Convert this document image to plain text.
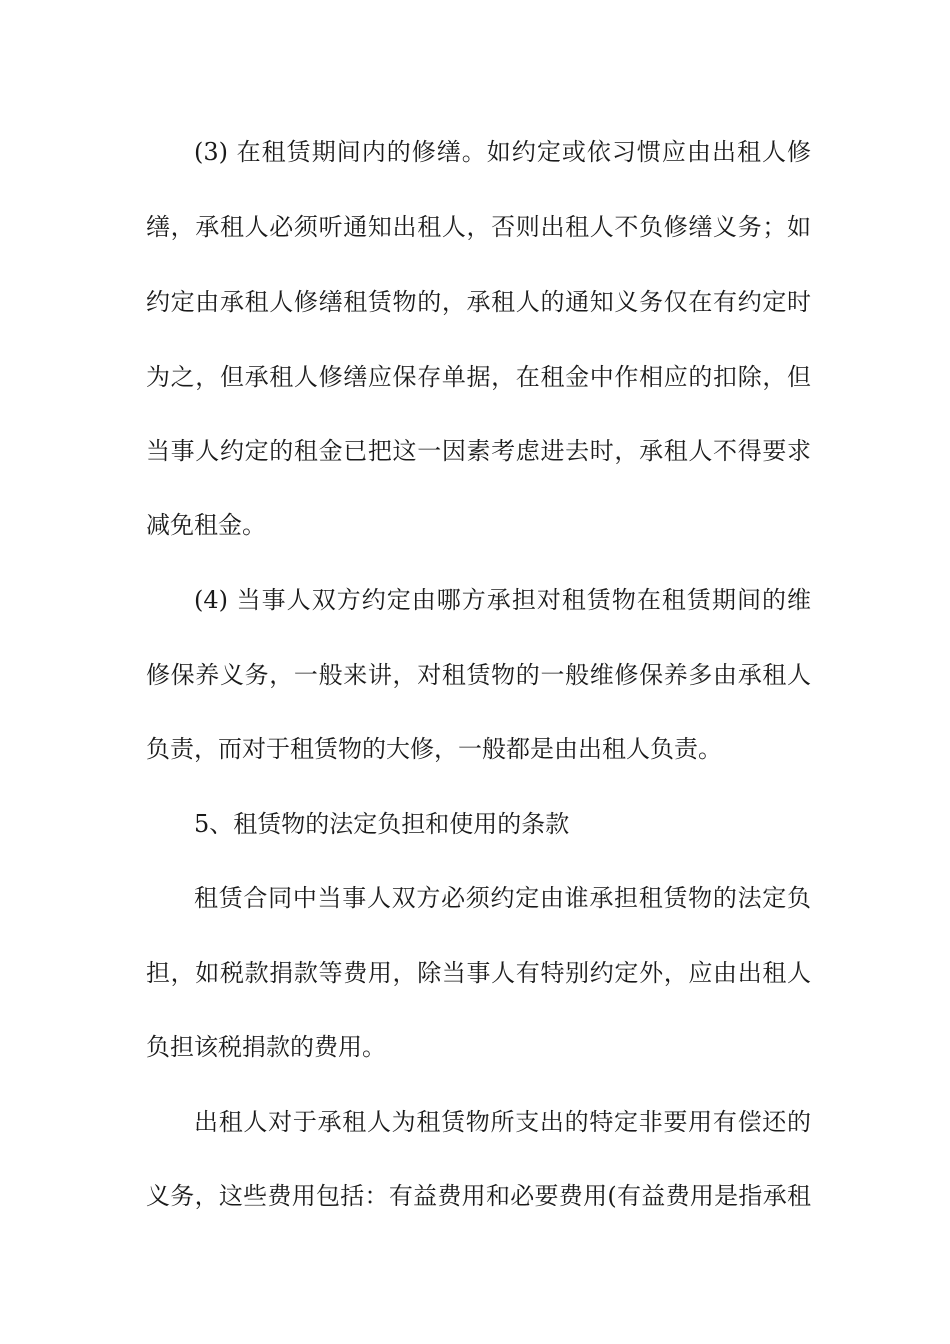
(3) 在租赁期间内的修缮。如约定或依习惯应由出租人修
缮，承租人必须听通知出租人，否则出租人不负修缮义务；如
约定由承租人修缮租赁物的，承租人的通知义务仅在有约定时
为之，但承租人修缮应保存单据，在租金中作相应的扣除，但
当事人约定的租金已把这一因素考虑进去时，承租人不得要求
减免租金。
(4) 当事人双方约定由哪方承担对租赁物在租赁期间的维
修保养义务，一般来讲，对租赁物的一般维修保养多由承租人
负责，而对于租赁物的大修，一般都是由出租人负责。
5、租赁物的法定负担和使用的条款
租赁合同中当事人双方必须约定由谁承担租赁物的法定负
担，如税款捐款等费用，除当事人有特别约定外，应由出租人
负担该税捐款的费用。
出租人对于承租人为租赁物所支出的特定非要用有偿还的
义务，这些费用包括：有益费用和必要费用(有益费用是指承租
